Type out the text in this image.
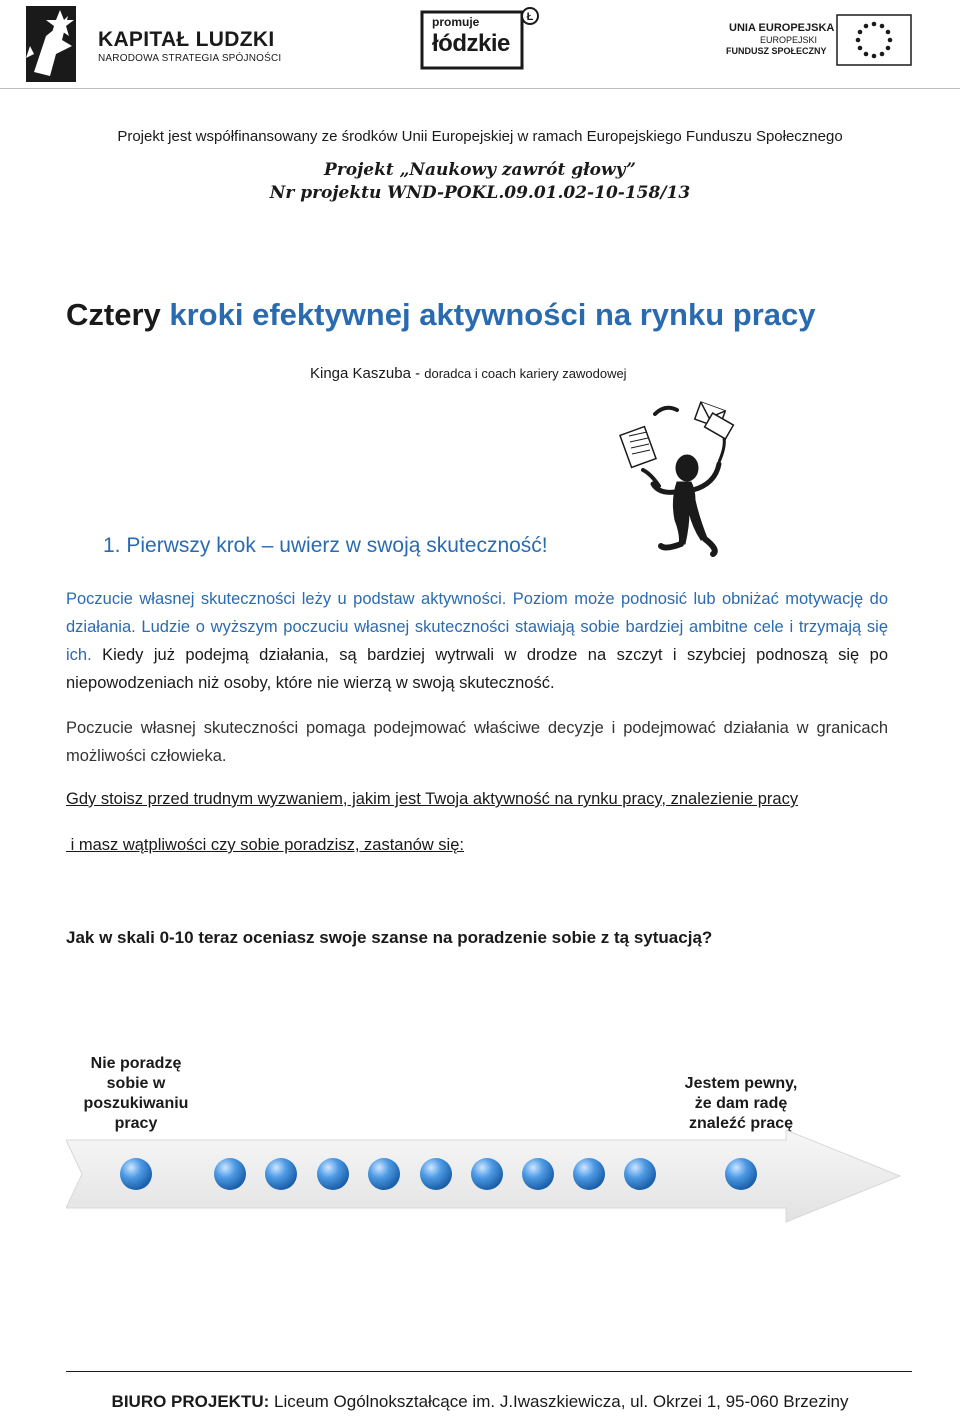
KAPITAŁ LUDZKI
NARODOWA STRATEGIA SPÓJNOŚCI
Ł
promuje
łódzkie
UNIA EUROPEJSKA
EUROPEJSKI
FUNDUSZ SPOŁECZNY
Projekt jest współfinansowany ze środków Unii Europejskiej w ramach Europejskiego Funduszu Społecznego
Projekt „Naukowy zawrót głowy”
Nr projektu WND-POKL.09.01.02-10-158/13
Cztery kroki efektywnej aktywności na rynku pracy
Kinga Kaszuba - doradca i coach kariery zawodowej
1. Pierwszy krok – uwierz w swoją skuteczność!
Poczucie własnej skuteczności leży u podstaw aktywności. Poziom może podnosić lub obniżać motywację do działania. Ludzie o wyższym poczuciu własnej skuteczności stawiają sobie bardziej ambitne cele i trzymają się ich. Kiedy już podejmą działania, są bardziej wytrwali w drodze na szczyt i szybciej podnoszą się po niepowodzeniach niż osoby, które nie wierzą w swoją skuteczność.
Poczucie własnej skuteczności pomaga podejmować właściwe decyzje i podejmować działania w granicach możliwości człowieka.
Gdy stoisz przed trudnym wyzwaniem, jakim jest Twoja aktywność na rynku pracy, znalezienie pracy
i masz wątpliwości czy sobie poradzisz, zastanów się:
Jak w skali 0-10 teraz oceniasz swoje szanse na poradzenie sobie z tą sytuacją?
Nie poradzę
sobie w
poszukiwaniu
pracy
Jestem pewny,
że dam radę
znaleźć pracę
BIURO PROJEKTU: Liceum Ogólnokształcące im. J.Iwaszkiewicza, ul. Okrzei 1, 95-060 Brzeziny
